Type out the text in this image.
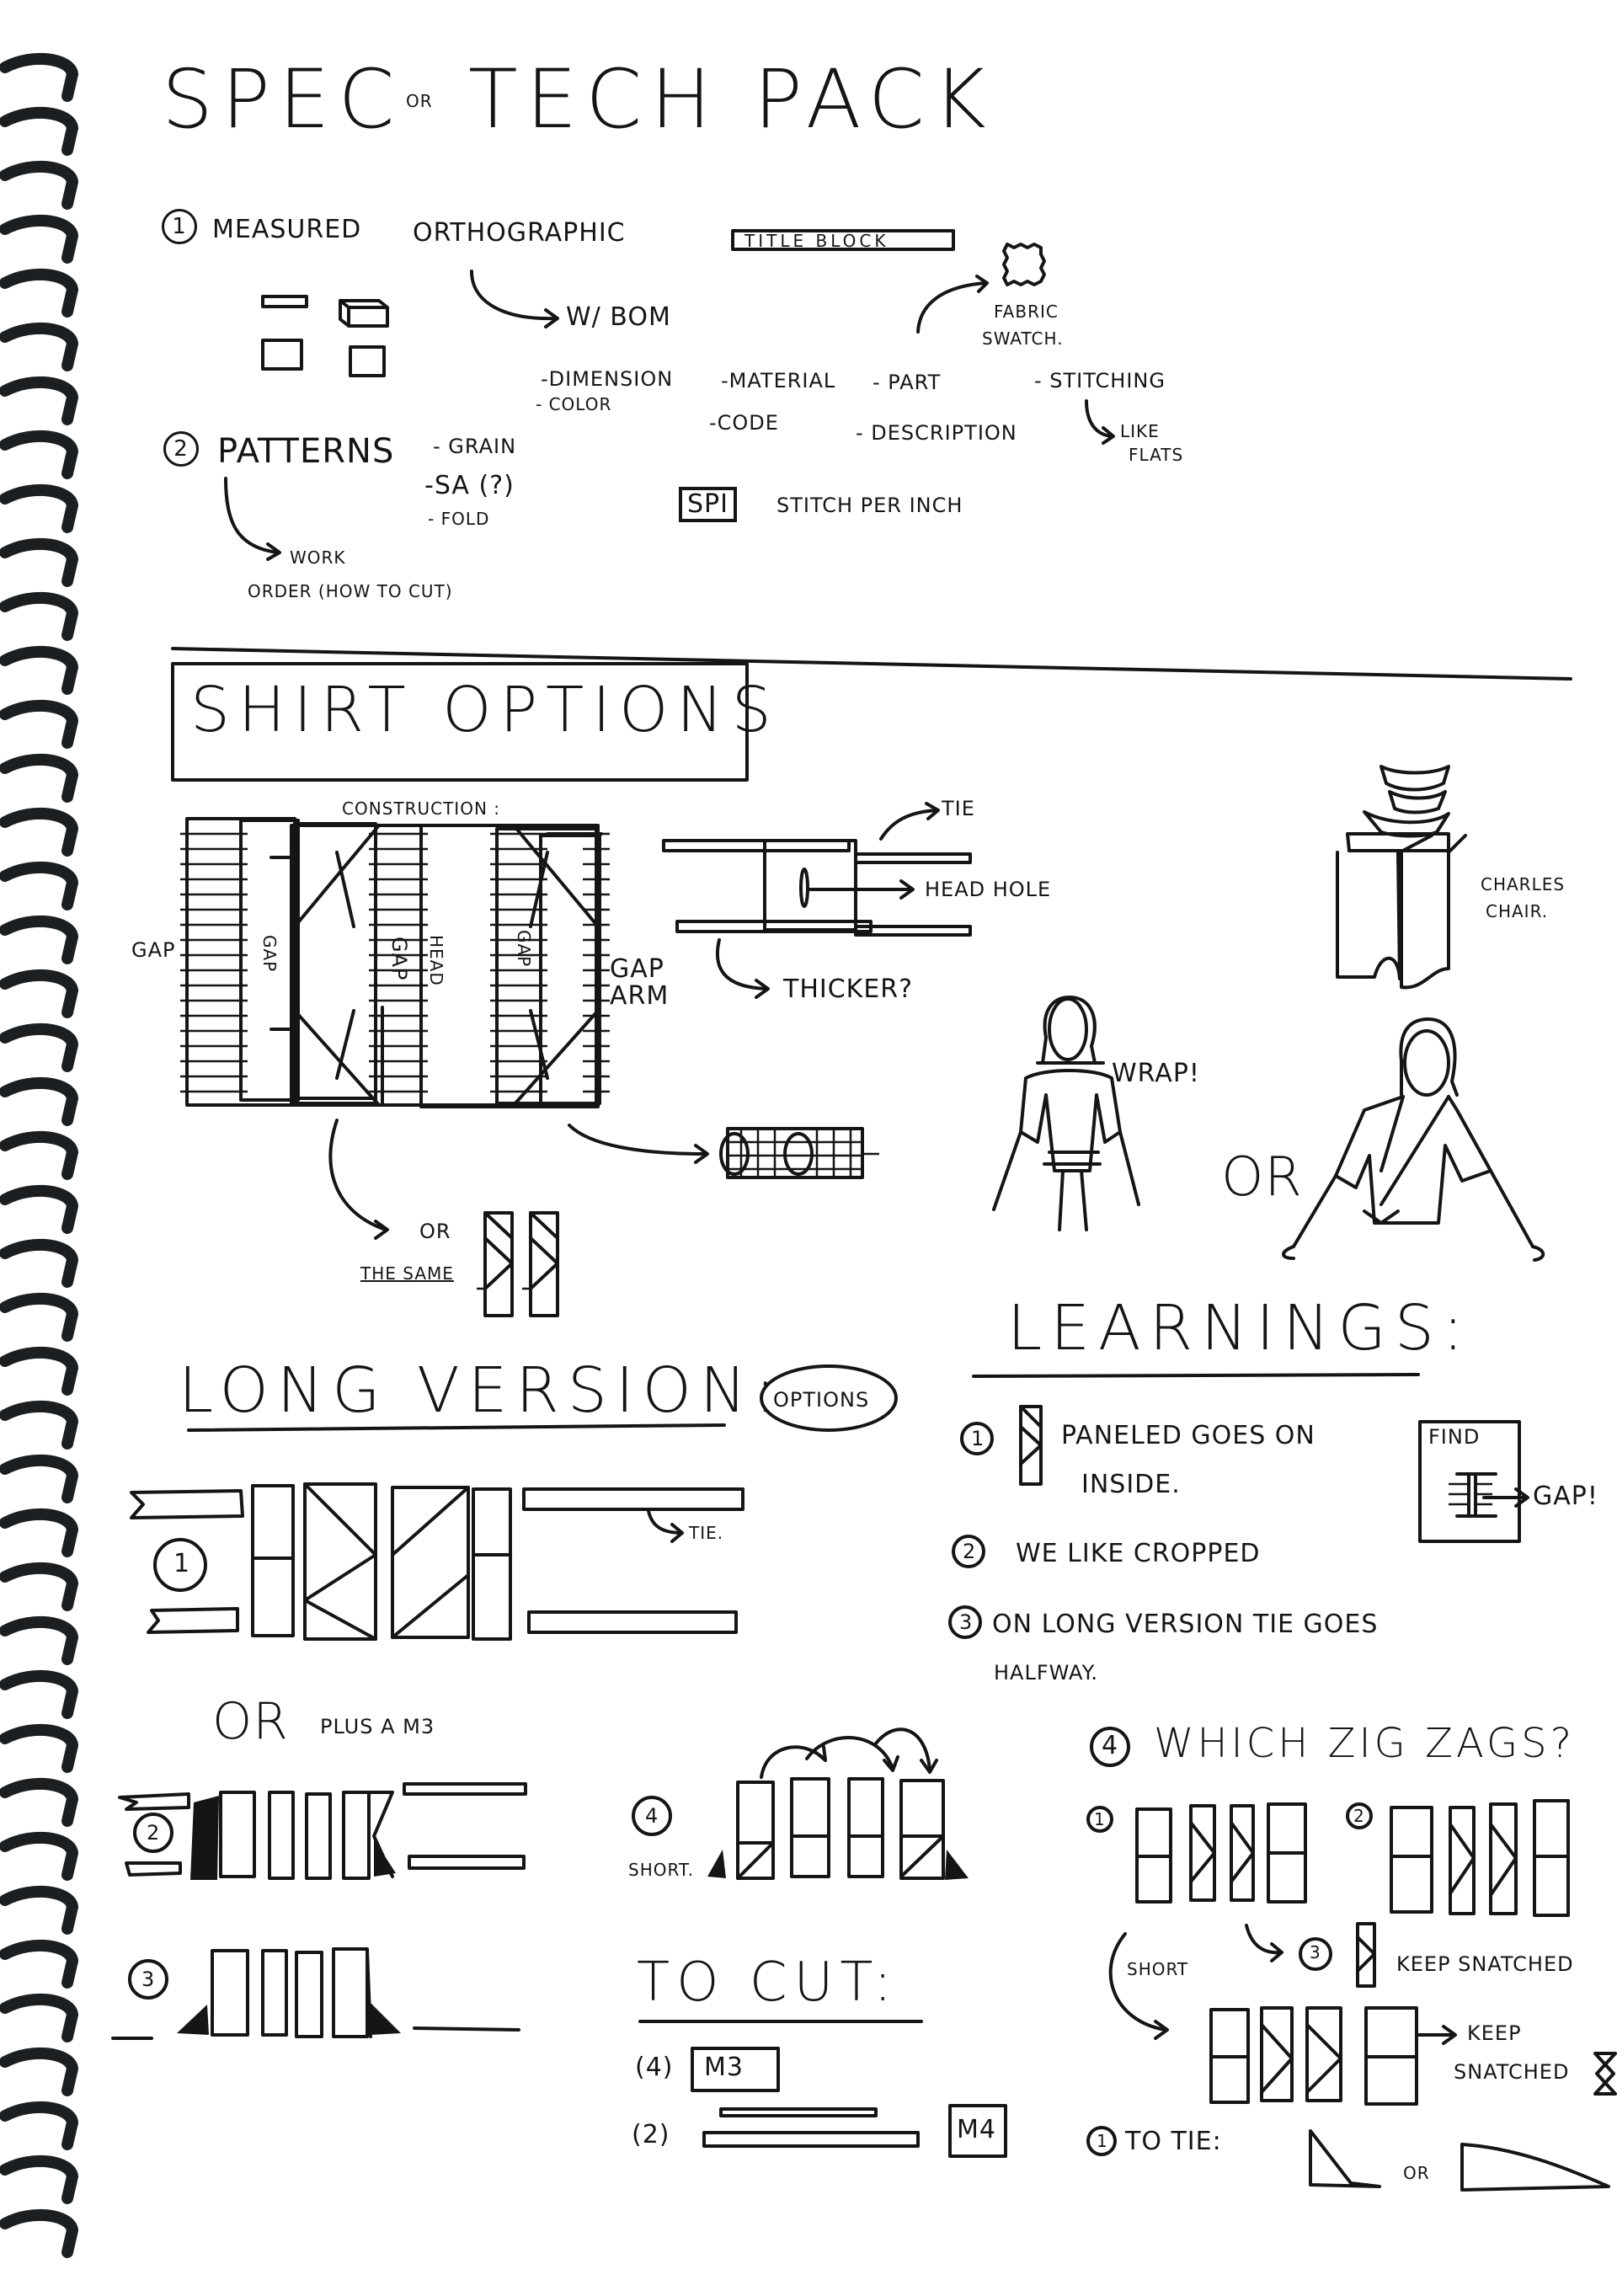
SPEC OR TECH PACK
1	MEASURED ORTHOGRAPHIC	TITLE BLOCK
W/ BOM	FABRIC
SWATCH.
-DIMENSION
- COLOR
-MATERIAL
-CODE
- PART
- DESCRIPTION
- STITCHING
LIKE
FLATS
2 PATTERNS - GRAIN
-SA (?)
- FOLD
WORK
ORDER (HOW TO CUT)
SPI	STITCH PER INCH
SHIRT OPTIONS
CONSTRUCTION :
GAP	GAP	GAP HEAD	GAP
GAP
ARM
TIE
HEAD HOLE
THICKER?
OR
THE SAME
CHARLES
CHAIR.
WRAP!
OR
LONG VERSION:
OPTIONS
TIE.
1
OR PLUS A M3
2
3
4
SHORT.
LEARNINGS:
1	PANELED GOES ON
INSIDE.
FIND
GAP!
2 WE LIKE CROPPED
3 ON LONG VERSION TIE GOES
HALFWAY.
4 WHICH ZIG ZAGS?
1	2
SHORT
3	KEEP SNATCHED
KEEP
SNATCHED
1 TO TIE:
OR
TO CUT:
(4) M3
(2)	M4
